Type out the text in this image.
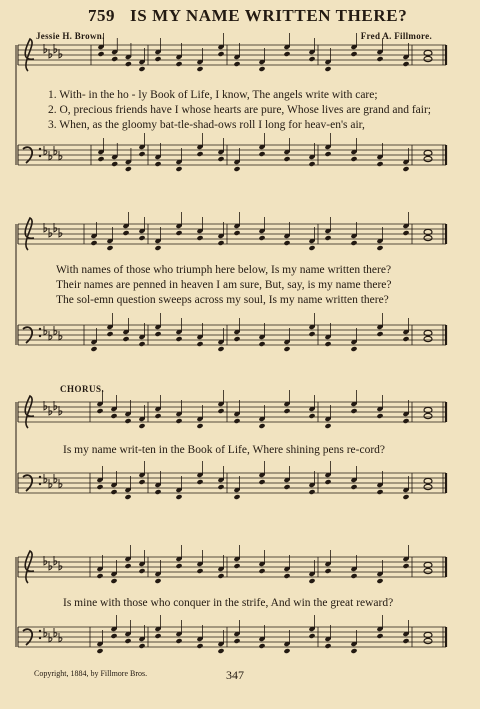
759 IS MY NAME WRITTEN THERE?
Jessie H. Brown.	Fred A. Fillmore.
1. With- in the ho - ly Book of Life, I know, The angels write with care;
2. O, precious friends have I whose hearts are pure, Whose lives are grand and fair;
3. When, as the gloomy bat-tle-shad-ows roll I long for heav-en's air,
With names of those who triumph here below, Is my name written there?
Their names are penned in heaven I am sure, But, say, is my name there?
The sol-emn question sweeps across my soul, Is my name written there?
CHORUS.
Is my name writ-ten in the Book of Life, Where shining pens re-cord?
Is mine with those who conquer in the strife, And win the great reward?
Copyright, 1884, by Fillmore Bros.	347
